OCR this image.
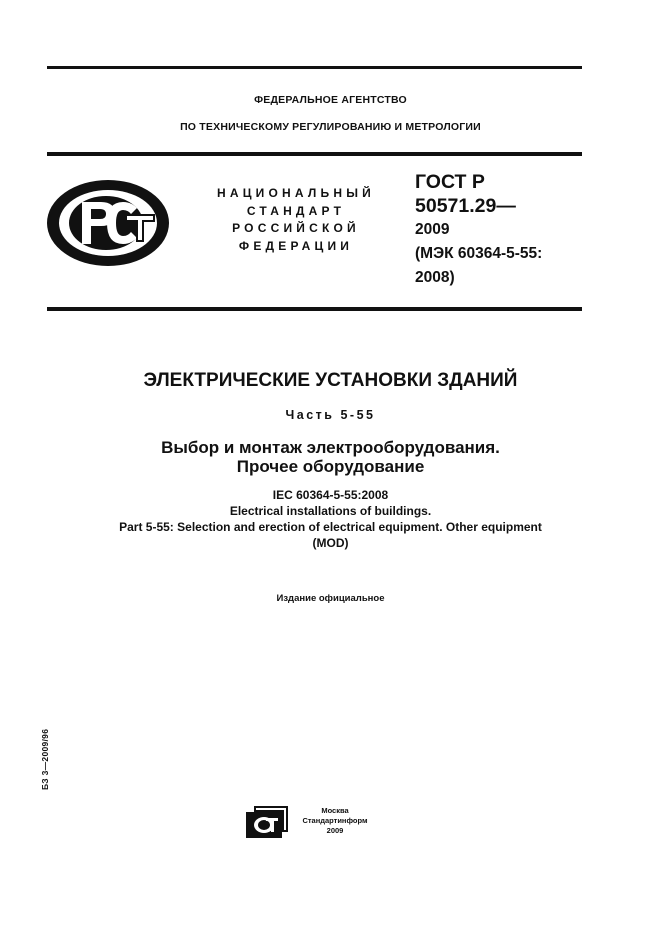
ФЕДЕРАЛЬНОЕ АГЕНТСТВО
ПО ТЕХНИЧЕСКОМУ РЕГУЛИРОВАНИЮ И МЕТРОЛОГИИ
НАЦИОНАЛЬНЫЙ
СТАНДАРТ
РОССИЙСКОЙ
ФЕДЕРАЦИИ
ГОСТ Р
50571.29—
2009
(МЭК 60364-5-55:
2008)
ЭЛЕКТРИЧЕСКИЕ УСТАНОВКИ ЗДАНИЙ
Часть 5-55
Выбор и монтаж электрооборудования.
Прочее оборудование
IEC 60364-5-55:2008
Electrical installations of buildings.
Part 5-55: Selection and erection of electrical equipment. Other equipment
(MOD)
Издание официальное
БЗ 3—2009/96
Москва
Стандартинформ
2009
